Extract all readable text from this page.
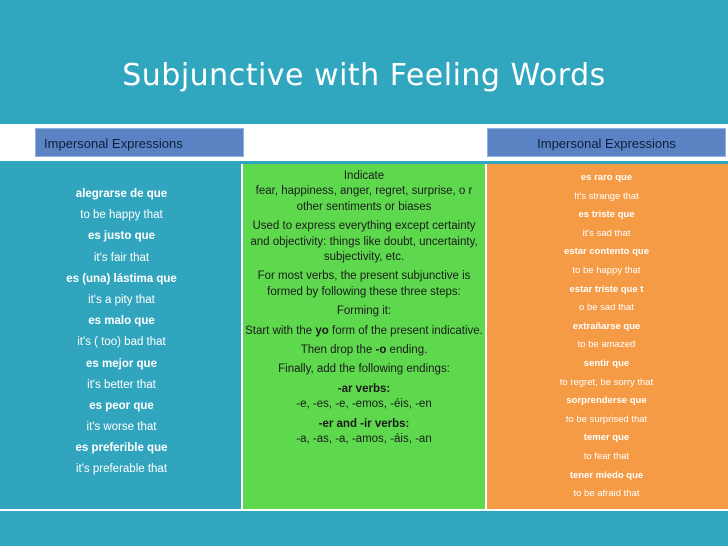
Subjunctive with Feeling Words
Impersonal Expressions	Impersonal Expressions
alegrarse de que
to be happy that
es justo que
it's fair that
es (una) lástima que
it's a pity that
es malo que
it's ( too) bad that
es mejor que
it's better that
es peor que
it's worse that
es preferible que
it's preferable that

Indicate

fear, happiness, anger, regret, surprise, o r other sentiments or biases

Used to express everything except certainty and objectivity: things like doubt, uncertainty, subjectivity, etc.

For most verbs, the present subjunctive is formed by following these three steps:

Forming it:

Start with the yo form of the present indicative.

Then drop the -o ending.

Finally, add the following endings:

-ar verbs:

-e, -es, -e, -emos, -éis, -en

-er and -ir verbs:

-a, -as, -a, -amos, -áis, -an

es raro que
It's strange that
es triste que
it's sad that
estar contento que
to be happy that
estar triste que t
o be sad that
extrañarse que
to be amazed
sentir que
to regret, be sorry that
sorprenderse que
to be surprised that
temer que
to fear that
tener miedo que
to be afraid that
